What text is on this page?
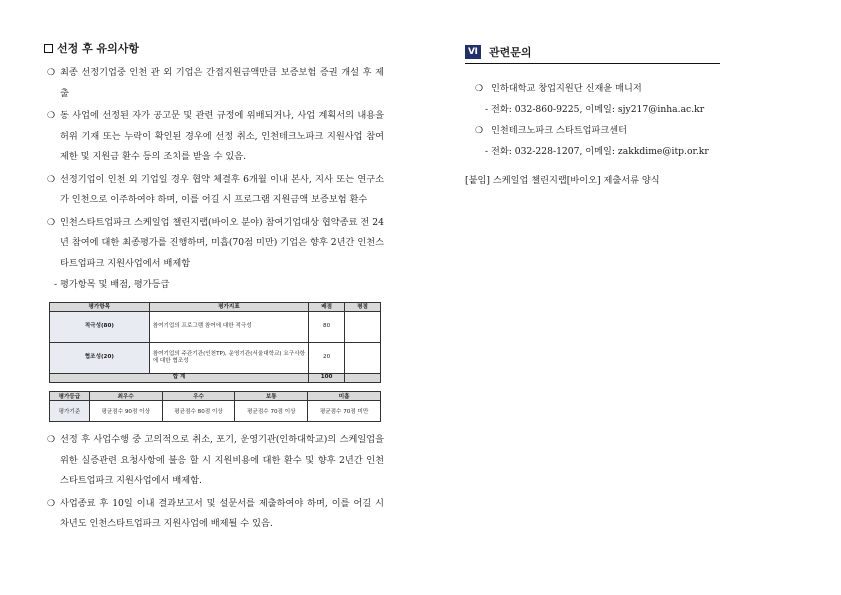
선정 후 유의사항
❍ 최종 선정기업중 인천 관 외 기업은 간접지원금액만큼 보증보험 증권 개설 후 제출
❍ 동 사업에 선정된 자가 공고문 및 관련 규정에 위배되거나, 사업 계획서의 내용을 허위 기재 또는 누락이 확인된 경우에 선정 취소, 인천테크노파크 지원사업 참여제한 및 지원금 환수 등의 조치를 받을 수 있음.
❍ 선정기업이 인천 외 기업일 경우 협약 체결후 6개월 이내 본사, 지사 또는 연구소가 인천으로 이주하여야 하며, 이를 어길 시 프로그램 지원금액 보증보험 환수
❍ 인천스타트업파크 스케일업 챌린지랩(바이오 분야) 참여기업대상 협약종료 전 24년 참여에 대한 최종평가를 진행하며, 미흡(70점 미만) 기업은 향후 2년간 인천스타트업파크 지원사업에서 배제함
- 평가항목 및 배점, 평가등급
평가항목	평가지표	배점	평점
적극성(80)	참여기업의 프로그램 참여에 대한 적극성	80	
협조성(20)	참여기업의 주관기관(인천TP), 운영기관(서울대학교) 요구사항에 대한 협조성	20	
합 계		100	
평가등급	최우수	우수	보통	미흡
평가기준	평균점수 90점 이상	평균점수 80점 이상	평균점수 70점 이상	평균점수 70점 미만
❍ 선정 후 사업수행 중 고의적으로 취소, 포기, 운영기관(인하대학교)의 스케일업을 위한 실증관련 요청사항에 불응 할 시 지원비용에 대한 환수 및 향후 2년간 인천 스타트업파크 지원사업에서 배제함.
❍ 사업종료 후 10일 이내 결과보고서 및 설문서를 제출하여야 하며, 이를 어길 시 차년도 인천스타트업파크 지원사업에 배제될 수 있음.
Ⅵ 관련문의
❍ 인하대학교 창업지원단 신재윤 매니저
- 전화: 032-860-9225, 이메일: sjy217@inha.ac.kr
❍ 인천테크노파크 스타트업파크센터
- 전화: 032-228-1207, 이메일: zakkdime@itp.or.kr
[붙임] 스케일업 챌린지랩[바이오] 제출서류 양식
